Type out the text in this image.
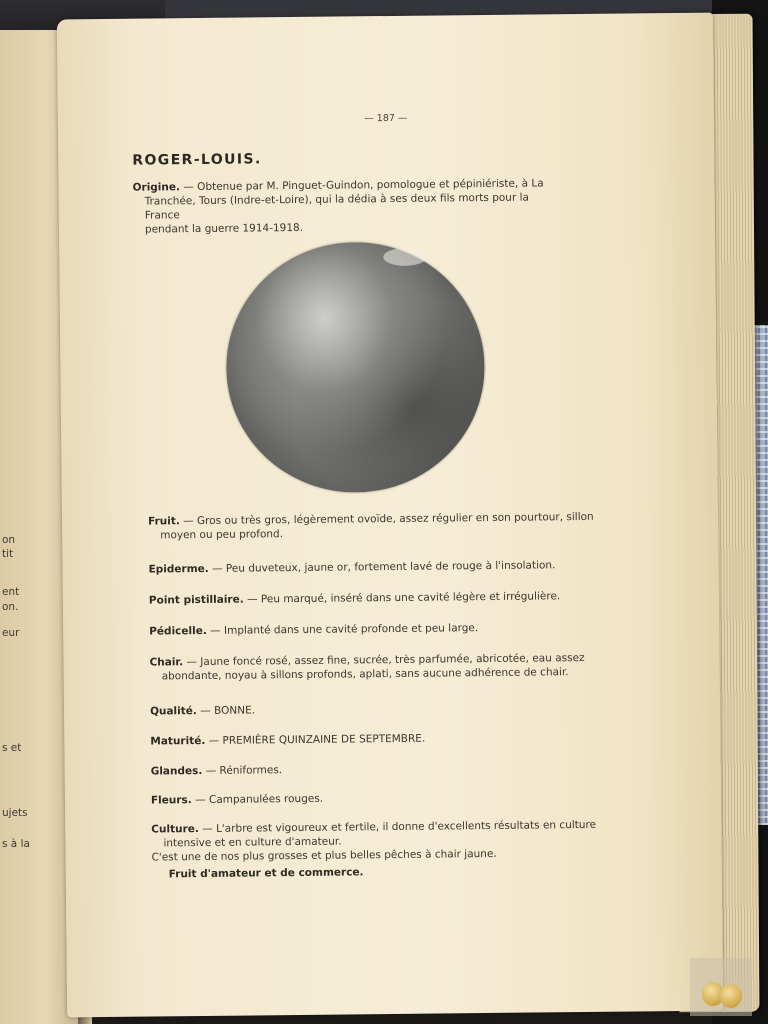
on
tit
ent
on.
eur
s et
ujets
s à la
— 187 —
ROGER-LOUIS.
Origine. — Obtenue par M. Pinguet-Guindon, pomologue et pépiniériste, à La
Tranchée, Tours (Indre-et-Loire), qui la dédia à ses deux fils morts pour la France
pendant la guerre 1914-1918.
Fruit. — Gros ou très gros, légèrement ovoïde, assez régulier en son pourtour, sillon
moyen ou peu profond.
Epiderme. — Peu duveteux, jaune or, fortement lavé de rouge à l'insolation.
Point pistillaire. — Peu marqué, inséré dans une cavité légère et irrégulière.
Pédicelle. — Implanté dans une cavité profonde et peu large.
Chair. — Jaune foncé rosé, assez fine, sucrée, très parfumée, abricotée, eau assez
abondante, noyau à sillons profonds, aplati, sans aucune adhérence de chair.
Qualité. — BONNE.
Maturité. — PREMIÈRE QUINZAINE DE SEPTEMBRE.
Glandes. — Réniformes.
Fleurs. — Campanulées rouges.
Culture. — L'arbre est vigoureux et fertile, il donne d'excellents résultats en culture
intensive et en culture d'amateur.
C'est une de nos plus grosses et plus belles pêches à chair jaune.
Fruit d'amateur et de commerce.
